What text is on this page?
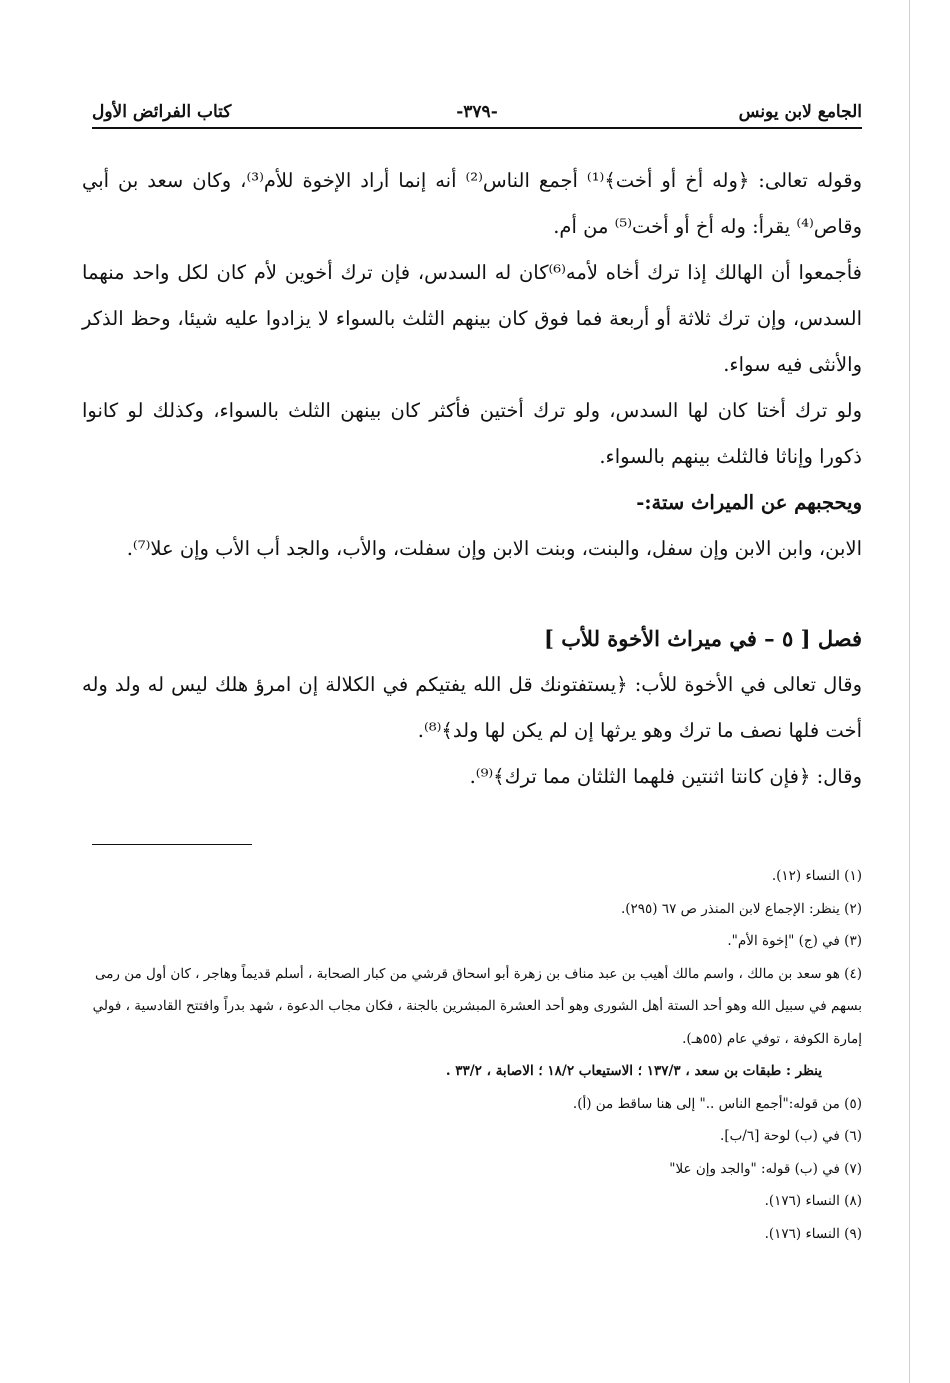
الجامع لابن يونس
-٣٧٩-
كتاب الفرائض الأول

وقوله تعالى: ﴿وله أخ أو أخت﴾⁽¹⁾ أجمع الناس⁽²⁾ أنه إنما أراد الإخوة للأم⁽³⁾، وكان سعد بن أبي وقاص⁽⁴⁾ يقرأ: وله أخ أو أخت⁽⁵⁾ من أم.

فأجمعوا أن الهالك إذا ترك أخاه لأمه⁽⁶⁾كان له السدس، فإن ترك أخوين لأم كان لكل واحد منهما السدس، وإن ترك ثلاثة أو أربعة فما فوق كان بينهم الثلث بالسواء لا يزادوا عليه شيئا، وحظ الذكر والأنثى فيه سواء.

ولو ترك أختا كان لها السدس، ولو ترك أختين فأكثر كان بينهن الثلث بالسواء، وكذلك لو كانوا ذكورا وإناثا فالثلث بينهم بالسواء.

ويحجبهم عن الميراث ستة:-

الابن، وابن الابن وإن سفل، والبنت، وبنت الابن وإن سفلت، والأب، والجد أب الأب وإن علا⁽⁷⁾.

فصل [ ٥ – في ميراث الأخوة للأب ]

وقال تعالى في الأخوة للأب: ﴿يستفتونك قل الله يفتيكم في الكلالة إن امرؤ هلك ليس له ولد وله أخت فلها نصف ما ترك وهو يرثها إن لم يكن لها ولد﴾⁽⁸⁾.

وقال: ﴿فإن كانتا اثنتين فلهما الثلثان مما ترك﴾⁽⁹⁾.

(١) النساء (١٢).

(٢) ينظر: الإجماع لابن المنذر ص ٦٧ (٢٩٥).

(٣) في (ج) "إخوة الأم".

(٤) هو سعد بن مالك ، واسم مالك أهيب بن عبد مناف بن زهرة أبو اسحاق قرشي من كبار الصحابة ، أسلم قديماً وهاجر ، كان أول من رمى بسهم في سبيل الله وهو أحد الستة أهل الشورى وهو أحد العشرة المبشرين بالجنة ، فكان مجاب الدعوة ، شهد بدراً وافتتح القادسية ، فولي إمارة الكوفة ، توفي عام (٥٥هـ).

ينظر : طبقات بن سعد ، ١٣٧/٣ ؛ الاستيعاب ١٨/٢ ؛ الاصابة ، ٣٣/٢ .

(٥) من قوله:"أجمع الناس .." إلى هنا ساقط من (أ).

(٦) في (ب) لوحة [٦/ب].

(٧) في (ب) قوله: "والجد وإن علا"

(٨) النساء (١٧٦).

(٩) النساء (١٧٦).
